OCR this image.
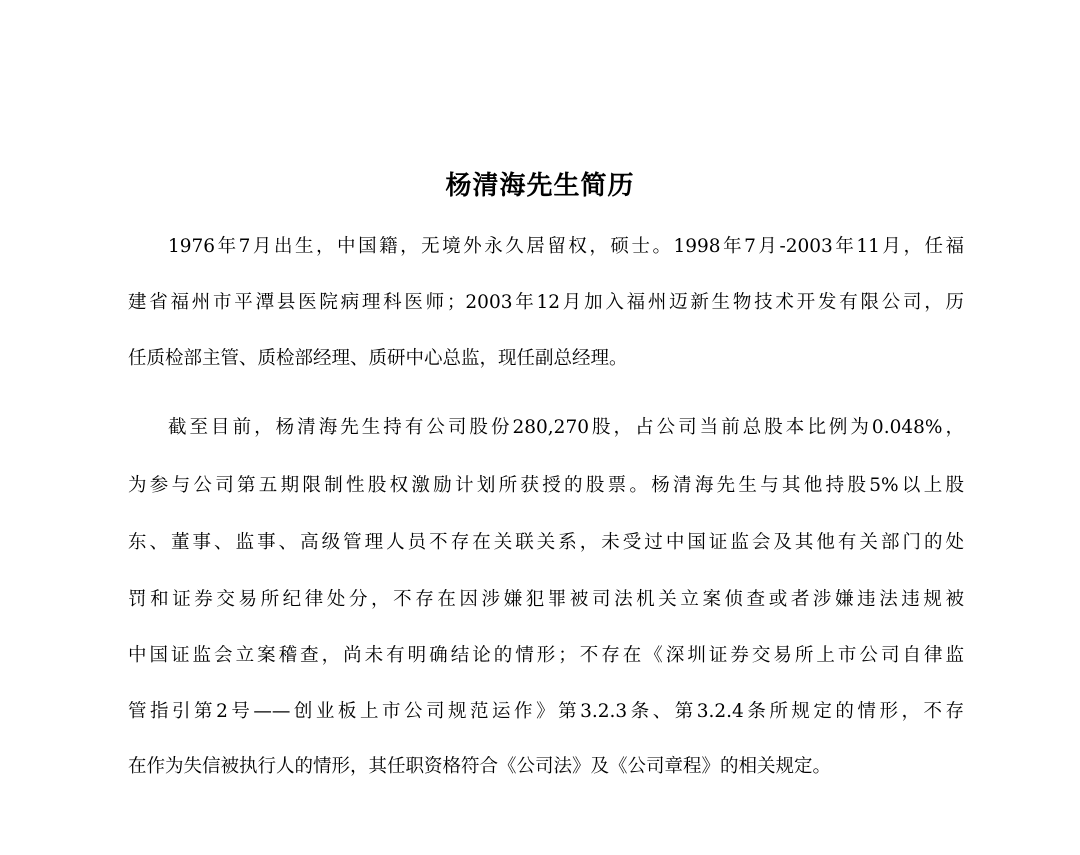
杨清海先生简历
1976年7月出生，中国籍，无境外永久居留权，硕士。1998年7月-2003年11月，任福
建省福州市平潭县医院病理科医师；2003年12月加入福州迈新生物技术开发有限公司，历
任质检部主管、质检部经理、质研中心总监，现任副总经理。
截至目前，杨清海先生持有公司股份280,270股，占公司当前总股本比例为0.048%，
为参与公司第五期限制性股权激励计划所获授的股票。杨清海先生与其他持股5%以上股
东、董事、监事、高级管理人员不存在关联关系，未受过中国证监会及其他有关部门的处
罚和证券交易所纪律处分，不存在因涉嫌犯罪被司法机关立案侦查或者涉嫌违法违规被
中国证监会立案稽查，尚未有明确结论的情形；不存在《深圳证券交易所上市公司自律监
管指引第2号——创业板上市公司规范运作》第3.2.3条、第3.2.4条所规定的情形，不存
在作为失信被执行人的情形，其任职资格符合《公司法》及《公司章程》的相关规定。
